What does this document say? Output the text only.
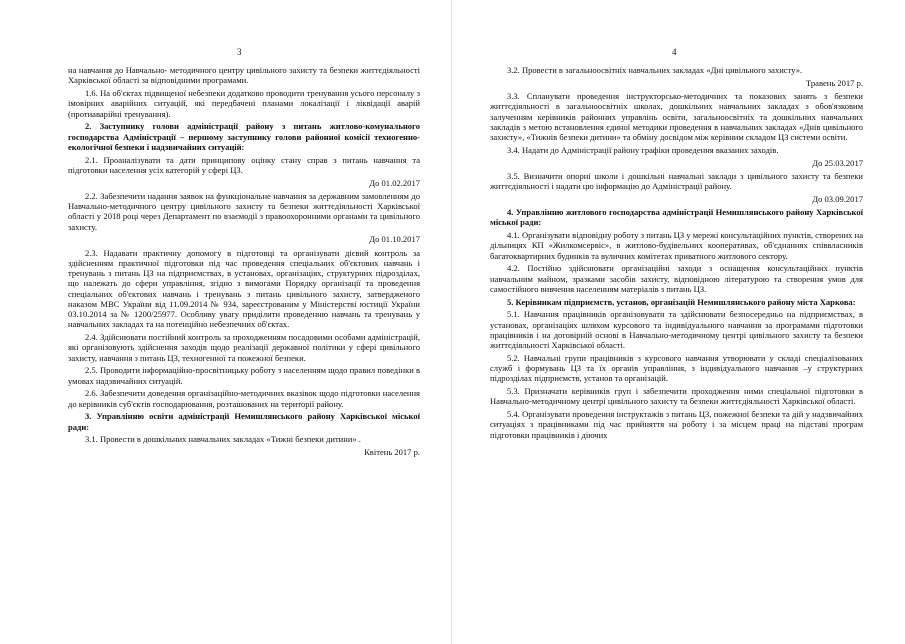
3

на навчання до Навчально- методичного центру цивільного захисту та безпеки життєдіяльності Харківської області за відповідними програмами.

1.6. На об'єктах підвищеної небезпеки додатково проводити тренування усього персоналу з імовірних аварійних ситуацій, які передбачені планами локалізації і ліквідації аварій (протиаварійні тренування).

2. Заступнику голови адміністрації району з питань житлово-комунального господарства Адміністрації – першому заступнику голови районної комісії техногенно-екологічної безпеки і надзвичайних ситуацій:

2.1. Проаналізувати та дати принципову оцінку стану справ з питань навчання та підготовки населення усіх категорій у сфері ЦЗ.

До 01.02.2017

2.2. Забезпечити надання заявок на функціональне навчання за державним замовленням до Навчально-методичного центру цивільного захисту та безпеки життєдіяльності Харківської області у 2018 році через Департамент по взаємодії з правоохоронними органами та цивільного захисту.

До 01.10.2017

2.3. Надавати практичну допомогу в підготовці та організувати дієвий контроль за здійсненням практичної підготовки під час проведення спеціальних об'єктових навчань і тренувань з питань ЦЗ на підприємствах, в установах, організаціях, структурних підрозділах, що належать до сфери управління, згідно з вимогами Порядку організації та проведення спеціальних об'єктових навчань і тренувань з питань цивільного захисту, затвердженого наказом МВС України від 11.09.2014 № 934, зареєстрованим у Міністерстві юстиції України 03.10.2014 за № 1200/25977. Особливу увагу приділити проведенню навчань та тренувань у навчальних закладах та на потенційно небезпечних об'єктах.

2.4. Здійснювати постійний контроль за проходженням посадовими особами адміністрацій, які організовують здійснення заходів щодо реалізації державної політики у сфері цивільного захисту, навчання з питань ЦЗ, техногенної та пожежної безпеки.

2.5. Проводити інформаційно-просвітницьку роботу з населенням щодо правил поведінки в умовах надзвичайних ситуацій.

2.6. Забезпечити доведення організаційно-методичних вказівок щодо підготовки населення до керівників суб'єктів господарювання, розташованих на території району.

3. Управлінню освіти адміністрації Немишлянського району Харківської міської ради:

3.1. Провести в дошкільних навчальних закладах «Тижні безпеки дитини» .

Квітень 2017 р.

4

3.2. Провести в загальноосвітніх навчальних закладах «Дні цивільного захисту».

Травень 2017 р.

3.3. Спланувати проведення інструкторсько-методичних та показових занять з безпеки життєдіяльності в загальноосвітніх школах, дошкільних навчальних закладах з обов'язковим залученням керівників районних управлінь освіти, загальноосвітніх та дошкільних навчальних закладів з метою встановлення єдиної методики проведення в навчальних закладах «Днів цивільного захисту», «Тижнів безпеки дитини» та обміну досвідом між керівним складом ЦЗ системи освіти.

3.4. Надати до Адміністрації району графіки проведення вказаних заходів.

До 25.03.2017

3.5. Визначити опорні школи і дошкільні навчальні заклади з цивільного захисту та безпеки життєдіяльності і надати цю інформацію до Адміністрації району.

До 03.09.2017

4. Управлінню житлового господарства адміністрації Немишлянського району Харківської міської ради:

4.1. Організувати відповідну роботу з питань ЦЗ у мережі консультаційних пунктів, створених на дільницях КП «Жилкомсервіс», в житлово-будівельних кооперативах, об'єднаннях співвласників багатоквартирних будинків та вуличних комітетах приватного житлового сектору.

4.2. Постійно здійснювати організаційні заходи з оснащення консультаційних пунктів навчальним майном, зразками засобів захисту, відповідною літературою та створення умов для самостійного вивчення населенням матеріалів з питань ЦЗ.

5. Керівникам підприємств, установ, організацій Немишлянського району міста Харкова:

5.1. Навчання працівників організовувати та здійснювати безпосередньо на підприємствах, в установах, організаціях шляхом курсового та індивідуального навчання за програмами підготовки працівників і на договірній основі в Навчально-методичному центрі цивільного захисту та безпеки життєдіяльності Харківської області.

5.2. Навчальні групи працівників з курсового навчання утворювати у складі спеціалізованих служб і формувань ЦЗ та їх органів управління, з індивідуального навчання –у структурних підрозділах підприємств, установ та організацій.

5.3. Призначати керівників груп і забезпечити проходження ними спеціальної підготовки в Навчально-методичному центрі цивільного захисту та безпеки життєдіяльності Харківської області.

5.4. Організувати проведення інструктажів з питань ЦЗ, пожежної безпеки та дій у надзвичайних ситуаціях з працівниками під час прийняття на роботу і за місцем праці на підставі програм підготовки працівників і діючих
